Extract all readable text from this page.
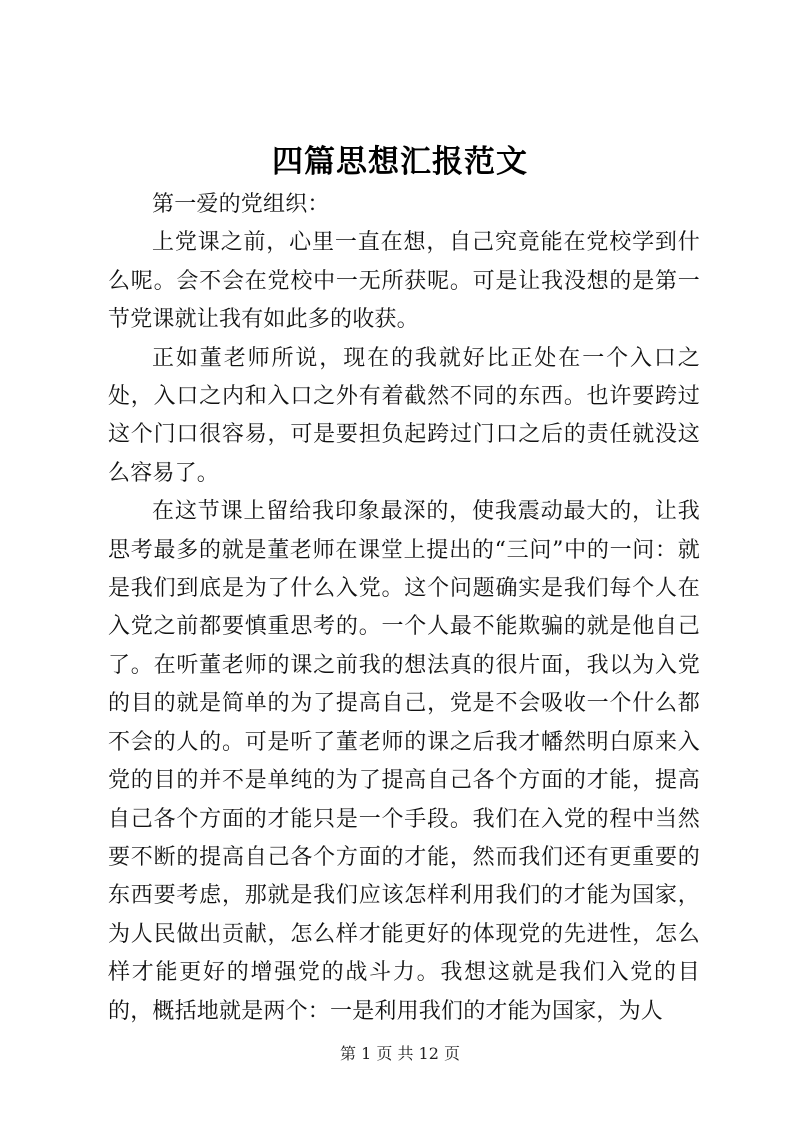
四篇思想汇报范文

第一爱的党组织：

上党课之前，心里一直在想，自己究竟能在党校学到什么呢。会不会在党校中一无所获呢。可是让我没想的是第一节党课就让我有如此多的收获。

正如董老师所说，现在的我就好比正处在一个入口之处，入口之内和入口之外有着截然不同的东西。也许要跨过这个门口很容易，可是要担负起跨过门口之后的责任就没这么容易了。

在这节课上留给我印象最深的，使我震动最大的，让我思考最多的就是董老师在课堂上提出的“三问”中的一问：就是我们到底是为了什么入党。这个问题确实是我们每个人在入党之前都要慎重思考的。一个人最不能欺骗的就是他自己了。在听董老师的课之前我的想法真的很片面，我以为入党的目的就是简单的为了提高自己，党是不会吸收一个什么都不会的人的。可是听了董老师的课之后我才幡然明白原来入党的目的并不是单纯的为了提高自己各个方面的才能，提高自己各个方面的才能只是一个手段。我们在入党的程中当然要不断的提高自己各个方面的才能，然而我们还有更重要的东西要考虑，那就是我们应该怎样利用我们的才能为国家，为人民做出贡献，怎么样才能更好的体现党的先进性，怎么样才能更好的增强党的战斗力。我想这就是我们入党的目的，概括地就是两个：一是利用我们的才能为国家，为人

第 1 页 共 12 页
